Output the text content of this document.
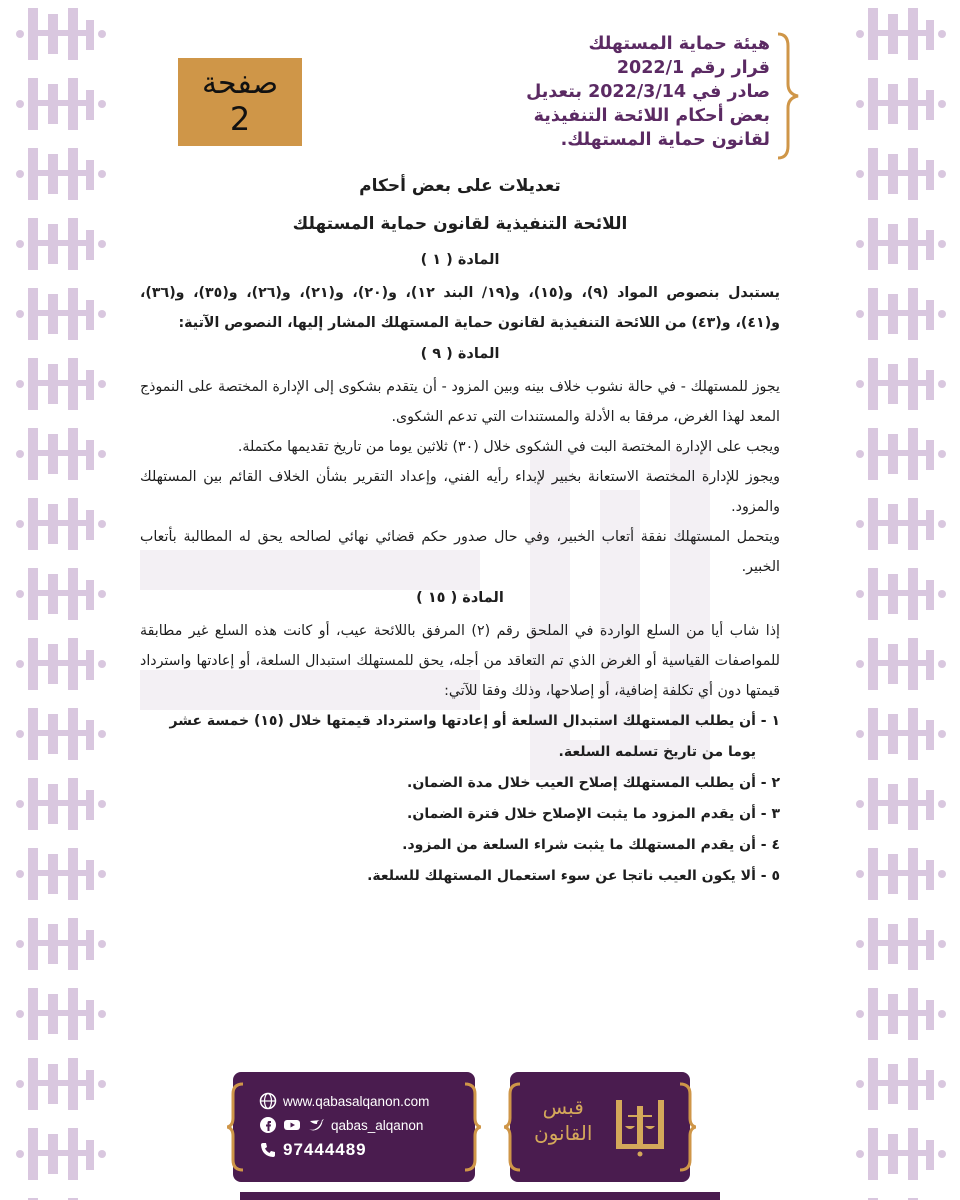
هيئة حماية المستهلك
قرار رقم 2022/1
صادر في 2022/3/14 بتعديل
بعض أحكام اللائحة التنفيذية
لقانون حماية المستهلك.
صفحة
2
تعديلات على بعض أحكام
اللائحة التنفيذية لقانون حماية المستهلك
المادة ( ١ )

يستبدل بنصوص المواد (٩)، و(١٥)، و(١٩/ البند ١٢)، و(٢٠)، و(٢١)، و(٢٦)، و(٣٥)، و(٣٦)، و(٤١)، و(٤٣) من اللائحة التنفيذية لقانون حماية المستهلك المشار إليها، النصوص الآتية:

المادة ( ٩ )

يجوز للمستهلك - في حالة نشوب خلاف بينه وبين المزود - أن يتقدم بشكوى إلى الإدارة المختصة على النموذج المعد لهذا الغرض، مرفقا به الأدلة والمستندات التي تدعم الشكوى.

ويجب على الإدارة المختصة البت في الشكوى خلال (٣٠) ثلاثين يوما من تاريخ تقديمها مكتملة.

ويجوز للإدارة المختصة الاستعانة بخبير لإبداء رأيه الفني، وإعداد التقرير بشأن الخلاف القائم بين المستهلك والمزود.

ويتحمل المستهلك نفقة أتعاب الخبير، وفي حال صدور حكم قضائي نهائي لصالحه يحق له المطالبة بأتعاب الخبير.

المادة ( ١٥ )

إذا شاب أيا من السلع الواردة في الملحق رقم (٢) المرفق باللائحة عيب، أو كانت هذه السلع غير مطابقة للمواصفات القياسية أو الغرض الذي تم التعاقد من أجله، يحق للمستهلك استبدال السلعة، أو إعادتها واسترداد قيمتها دون أي تكلفة إضافية، أو إصلاحها، وذلك وفقا للآتي:

١ - أن يطلب المستهلك استبدال السلعة أو إعادتها واسترداد قيمتها خلال (١٥) خمسة عشر يوما من تاريخ تسلمه السلعة.

٢ - أن يطلب المستهلك إصلاح العيب خلال مدة الضمان.

٣ - أن يقدم المزود ما يثبت الإصلاح خلال فترة الضمان.

٤ - أن يقدم المستهلك ما يثبت شراء السلعة من المزود.

٥ - ألا يكون العيب ناتجا عن سوء استعمال المستهلك للسلعة.

www.qabasalqanon.com
qabas_alqanon
97444489
قبس
القانون
